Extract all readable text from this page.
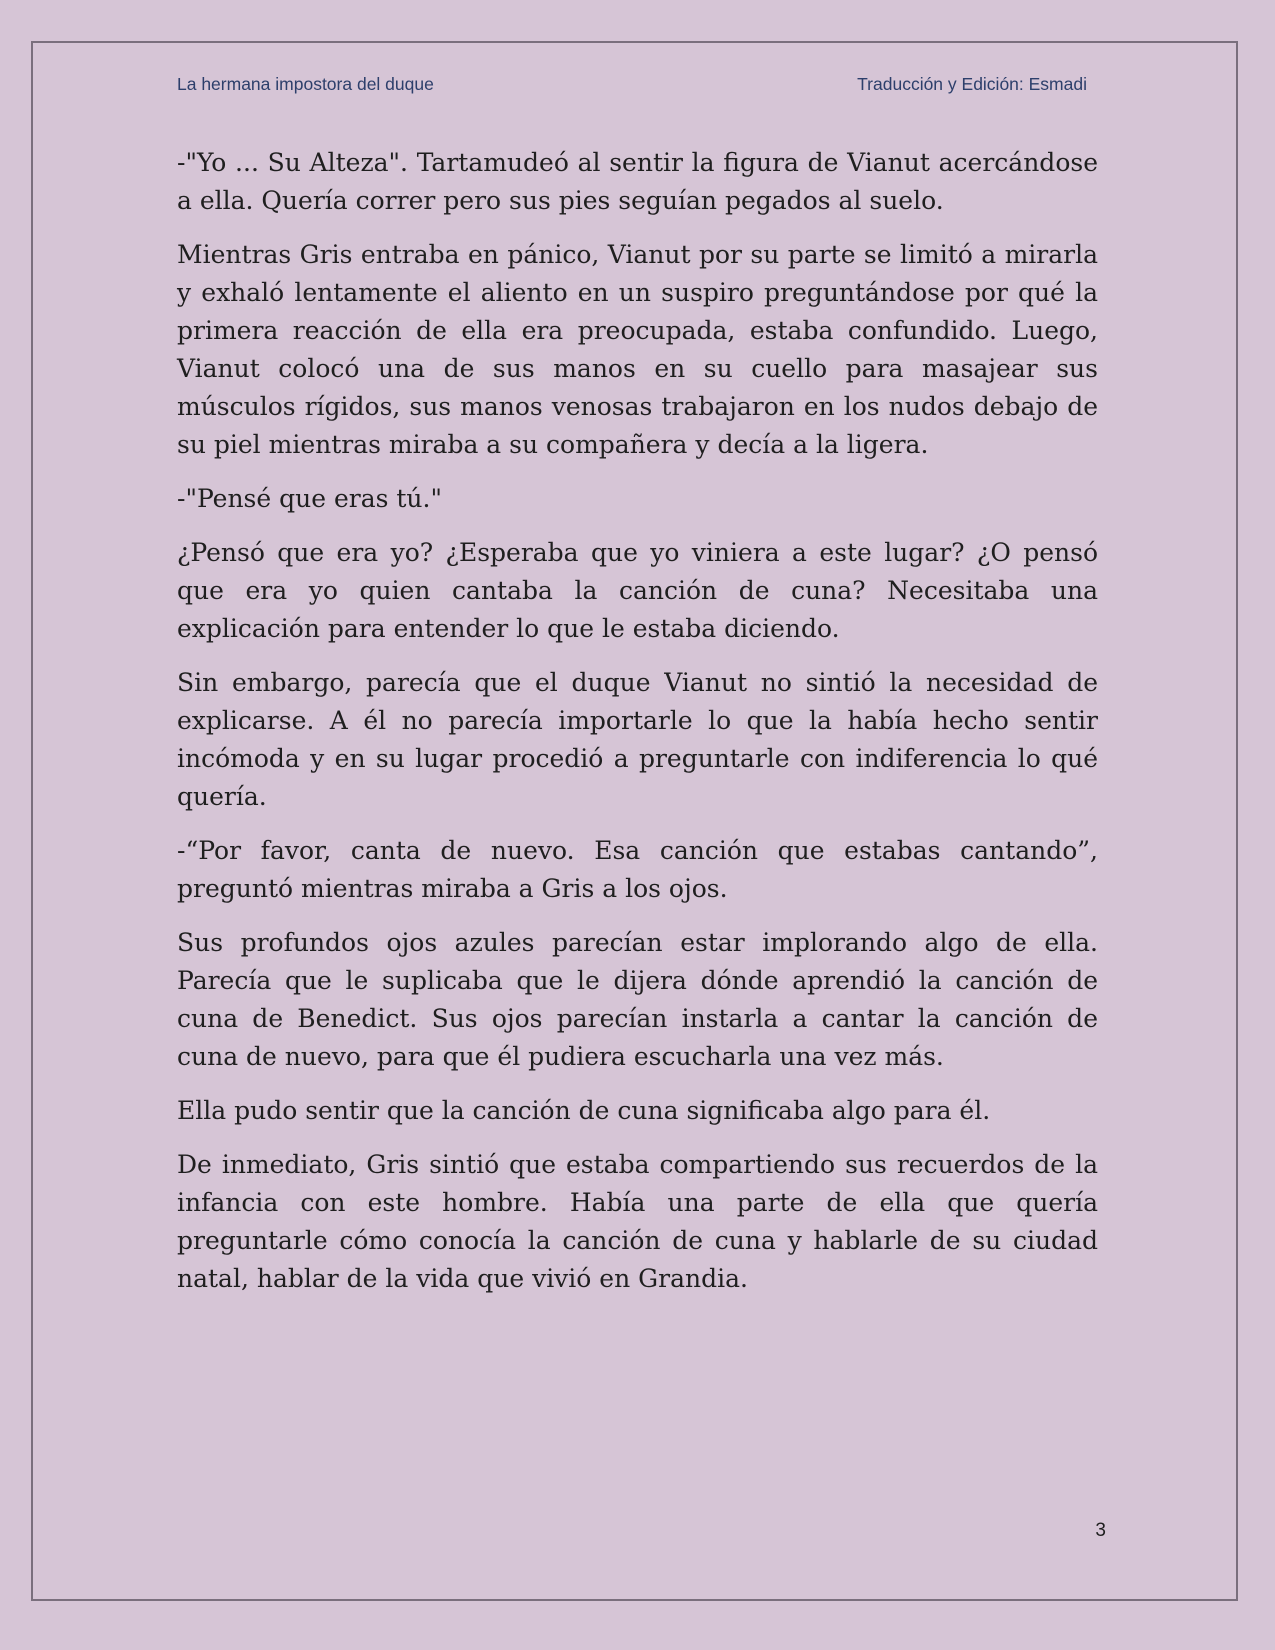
La hermana impostora del duque	Traducción y Edición: Esmadi

-"Yo ... Su Alteza". Tartamudeó al sentir la figura de Vianut acercándose a ella. Quería correr pero sus pies seguían pegados al suelo.

Mientras Gris entraba en pánico, Vianut por su parte se limitó a mirarla y exhaló lentamente el aliento en un suspiro preguntándose por qué la primera reacción de ella era preocupada, estaba confundido. Luego, Vianut colocó una de sus manos en su cuello para masajear sus músculos rígidos, sus manos venosas trabajaron en los nudos debajo de su piel mientras miraba a su compañera y decía a la ligera.

-"Pensé que eras tú."

¿Pensó que era yo? ¿Esperaba que yo viniera a este lugar? ¿O pensó que era yo quien cantaba la canción de cuna? Necesitaba una explicación para entender lo que le estaba diciendo.

Sin embargo, parecía que el duque Vianut no sintió la necesidad de explicarse. A él no parecía importarle lo que la había hecho sentir incómoda y en su lugar procedió a preguntarle con indiferencia lo qué quería.

-“Por favor, canta de nuevo. Esa canción que estabas cantando”, preguntó mientras miraba a Gris a los ojos.

Sus profundos ojos azules parecían estar implorando algo de ella. Parecía que le suplicaba que le dijera dónde aprendió la canción de cuna de Benedict. Sus ojos parecían instarla a cantar la canción de cuna de nuevo, para que él pudiera escucharla una vez más.

Ella pudo sentir que la canción de cuna significaba algo para él.

De inmediato, Gris sintió que estaba compartiendo sus recuerdos de la infancia con este hombre. Había una parte de ella que quería preguntarle cómo conocía la canción de cuna y hablarle de su ciudad natal, hablar de la vida que vivió en Grandia.

3
